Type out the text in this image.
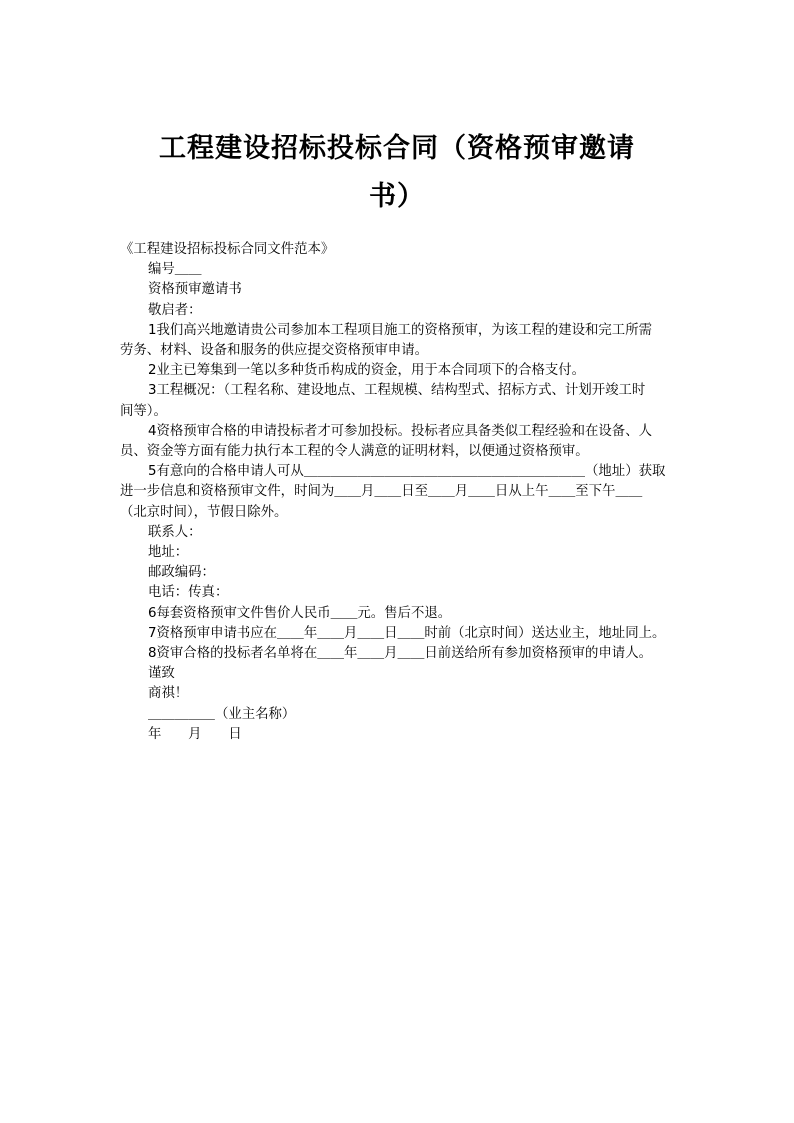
工程建设招标投标合同（资格预审邀请
书）

《工程建设招标投标合同文件范本》

编号＿＿

资格预审邀请书

敬启者：

1我们高兴地邀请贵公司参加本工程项目施工的资格预审，为该工程的建设和完工所需

劳务、材料、设备和服务的供应提交资格预审申请。

2业主已筹集到一笔以多种货币构成的资金，用于本合同项下的合格支付。

3工程概况：（工程名称、建设地点、工程规模、结构型式、招标方式、计划开竣工时

间等）。

4资格预审合格的申请投标者才可参加投标。投标者应具备类似工程经验和在设备、人

员、资金等方面有能力执行本工程的令人满意的证明材料，以便通过资格预审。

5有意向的合格申请人可从＿＿＿＿＿＿＿＿＿＿＿＿＿＿＿＿＿＿＿＿＿（地址）获取

进一步信息和资格预审文件，时间为＿＿月＿＿日至＿＿月＿＿日从上午＿＿至下午＿＿

（北京时间），节假日除外。

联系人：

地址：

邮政编码：

电话：传真：

6每套资格预审文件售价人民币＿＿元。售后不退。

7资格预审申请书应在＿＿年＿＿月＿＿日＿＿时前（北京时间）送达业主，地址同上。

8资审合格的投标者名单将在＿＿年＿＿月＿＿日前送给所有参加资格预审的申请人。

谨致

商祺！

＿＿＿＿＿（业主名称）

年　　月　　日
